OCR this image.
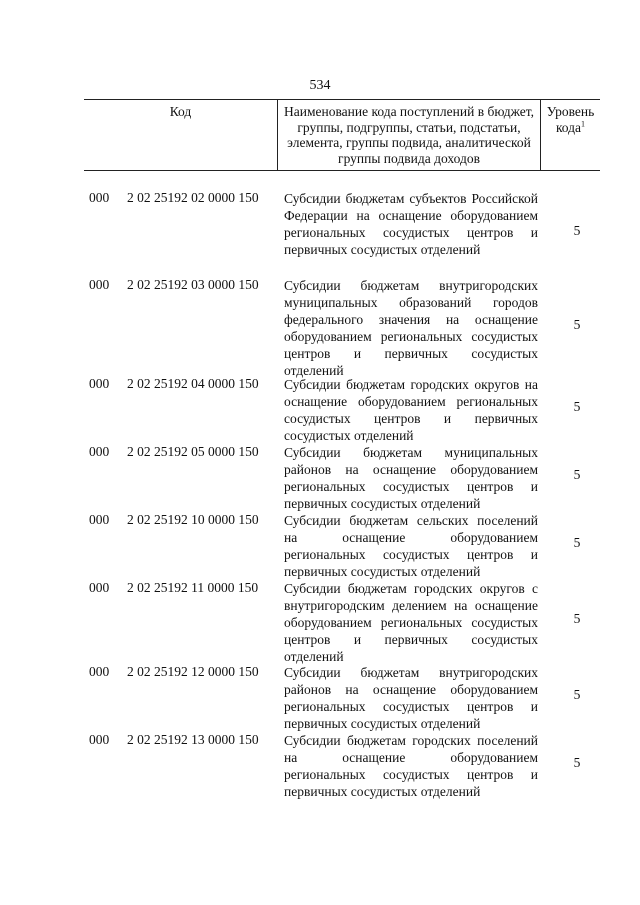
534
Код	Наименование кода поступлений в бюджет, группы, подгруппы, статьи, подстатьи, элемента, группы подвида, аналитической группы подвида доходов
Уровень кода$^1$
000 2 02 25192 02 0000 150 Субсидии бюджетам субъектов Российской Федерации на оснащение оборудованием региональных сосудистых центров и первичных сосудистых отделений
5
000 2 02 25192 03 0000 150 Субсидии бюджетам внутригородских муниципальных образований городов федерального значения на оснащение оборудованием региональных сосудистых центров и первичных сосудистых отделений
5
000 2 02 25192 04 0000 150 Субсидии бюджетам городских округов на оснащение оборудованием региональных сосудистых центров и первичных сосудистых отделений
5
000 2 02 25192 05 0000 150 Субсидии бюджетам муниципальных районов на оснащение оборудованием региональных сосудистых центров и первичных сосудистых отделений
5
000 2 02 25192 10 0000 150 Субсидии бюджетам сельских поселений на оснащение оборудованием региональных сосудистых центров и первичных сосудистых отделений
5
000 2 02 25192 11 0000 150 Субсидии бюджетам городских округов с внутригородским делением на оснащение оборудованием региональных сосудистых центров и первичных сосудистых отделений
5
000 2 02 25192 12 0000 150 Субсидии бюджетам внутригородских районов на оснащение оборудованием региональных сосудистых центров и первичных сосудистых отделений
5
000 2 02 25192 13 0000 150 Субсидии бюджетам городских поселений на оснащение оборудованием региональных сосудистых центров и первичных сосудистых отделений
5
